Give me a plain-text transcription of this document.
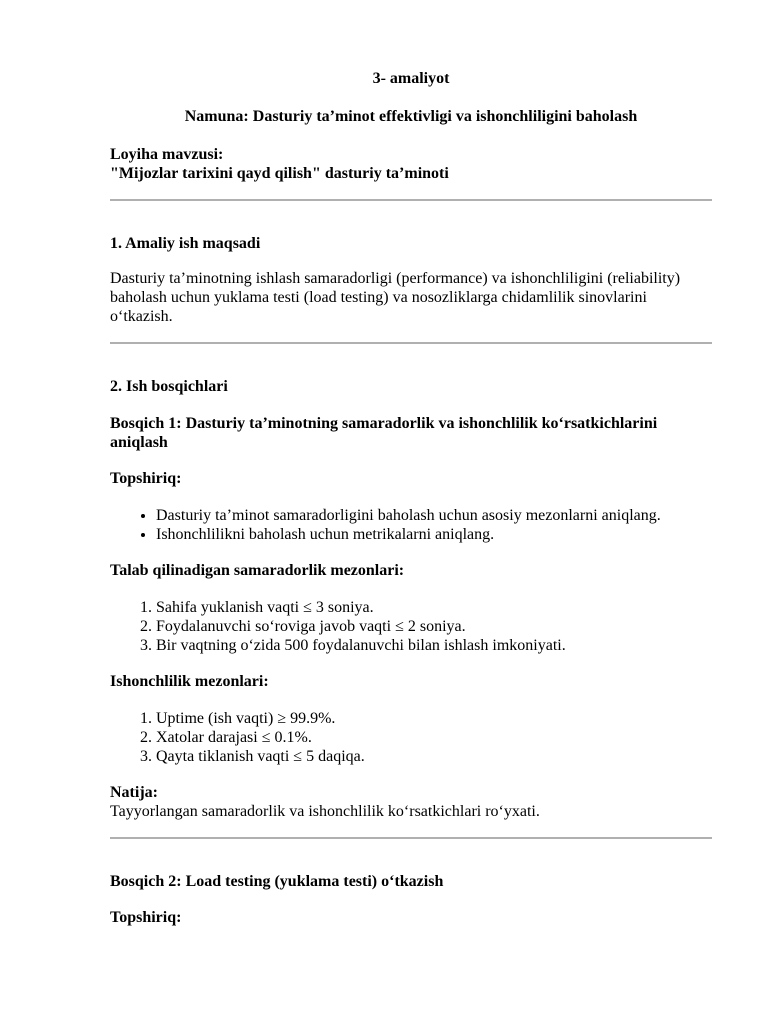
3- amaliyot

Namuna: Dasturiy ta’minot effektivligi va ishonchliligini baholash

Loyiha mavzusi:

"Mijozlar tarixini qayd qilish" dasturiy ta’minoti

1. Amaliy ish maqsadi

Dasturiy ta’minotning ishlash samaradorligi (performance) va ishonchliligini (reliability) baholash uchun yuklama testi (load testing) va nosozliklarga chidamlilik sinovlarini o‘tkazish.

2. Ish bosqichlari

Bosqich 1: Dasturiy ta’minotning samaradorlik va ishonchlilik ko‘rsatkichlarini aniqlash

Topshiriq:

• Dasturiy ta’minot samaradorligini baholash uchun asosiy mezonlarni aniqlang.
• Ishonchlilikni baholash uchun metrikalarni aniqlang.

Talab qilinadigan samaradorlik mezonlari:

1. Sahifa yuklanish vaqti ≤ 3 soniya.
2. Foydalanuvchi so‘roviga javob vaqti ≤ 2 soniya.
3. Bir vaqtning o‘zida 500 foydalanuvchi bilan ishlash imkoniyati.

Ishonchlilik mezonlari:

1. Uptime (ish vaqti) ≥ 99.9%.
2. Xatolar darajasi ≤ 0.1%.
3. Qayta tiklanish vaqti ≤ 5 daqiqa.

Natija:

Tayyorlangan samaradorlik va ishonchlilik ko‘rsatkichlari ro‘yxati.

Bosqich 2: Load testing (yuklama testi) o‘tkazish

Topshiriq:
